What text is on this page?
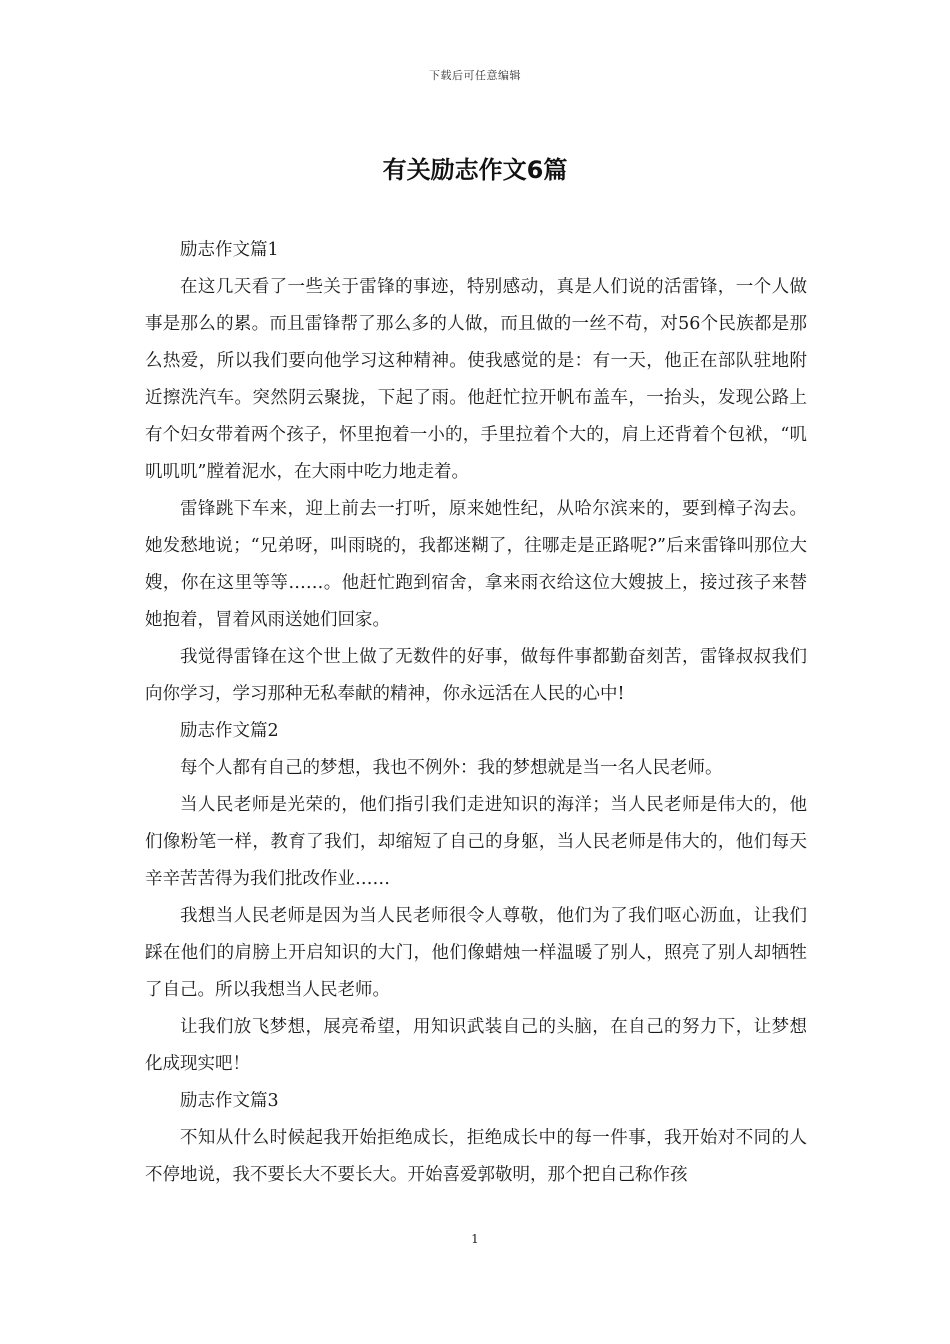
下载后可任意编辑
有关励志作文6篇

励志作文篇1

在这几天看了一些关于雷锋的事迹，特别感动，真是人们说的活雷锋，一个人做事是那么的累。而且雷锋帮了那么多的人做，而且做的一丝不苟，对56个民族都是那么热爱，所以我们要向他学习这种精神。使我感觉的是：有一天，他正在部队驻地附近擦洗汽车。突然阴云聚拢，下起了雨。他赶忙拉开帆布盖车，一抬头，发现公路上有个妇女带着两个孩子，怀里抱着一小的，手里拉着个大的，肩上还背着个包袱，“叽叽叽叽”膛着泥水，在大雨中吃力地走着。

雷锋跳下车来，迎上前去一打听，原来她性纪，从哈尔滨来的，要到樟子沟去。她发愁地说；“兄弟呀，叫雨晓的，我都迷糊了，往哪走是正路呢?”后来雷锋叫那位大嫂，你在这里等等……。他赶忙跑到宿舍，拿来雨衣给这位大嫂披上，接过孩子来替她抱着，冒着风雨送她们回家。

我觉得雷锋在这个世上做了无数件的好事，做每件事都勤奋刻苦，雷锋叔叔我们向你学习，学习那种无私奉献的精神，你永远活在人民的心中!

励志作文篇2

每个人都有自己的梦想，我也不例外：我的梦想就是当一名人民老师。

当人民老师是光荣的，他们指引我们走进知识的海洋；当人民老师是伟大的，他们像粉笔一样，教育了我们，却缩短了自己的身躯，当人民老师是伟大的，他们每天辛辛苦苦得为我们批改作业……

我想当人民老师是因为当人民老师很令人尊敬，他们为了我们呕心沥血，让我们踩在他们的肩膀上开启知识的大门，他们像蜡烛一样温暖了别人，照亮了别人却牺牲了自己。所以我想当人民老师。

让我们放飞梦想，展亮希望，用知识武装自己的头脑，在自己的努力下，让梦想化成现实吧！

励志作文篇3

不知从什么时候起我开始拒绝成长，拒绝成长中的每一件事，我开始对不同的人不停地说，我不要长大不要长大。开始喜爱郭敬明，那个把自己称作孩

1
